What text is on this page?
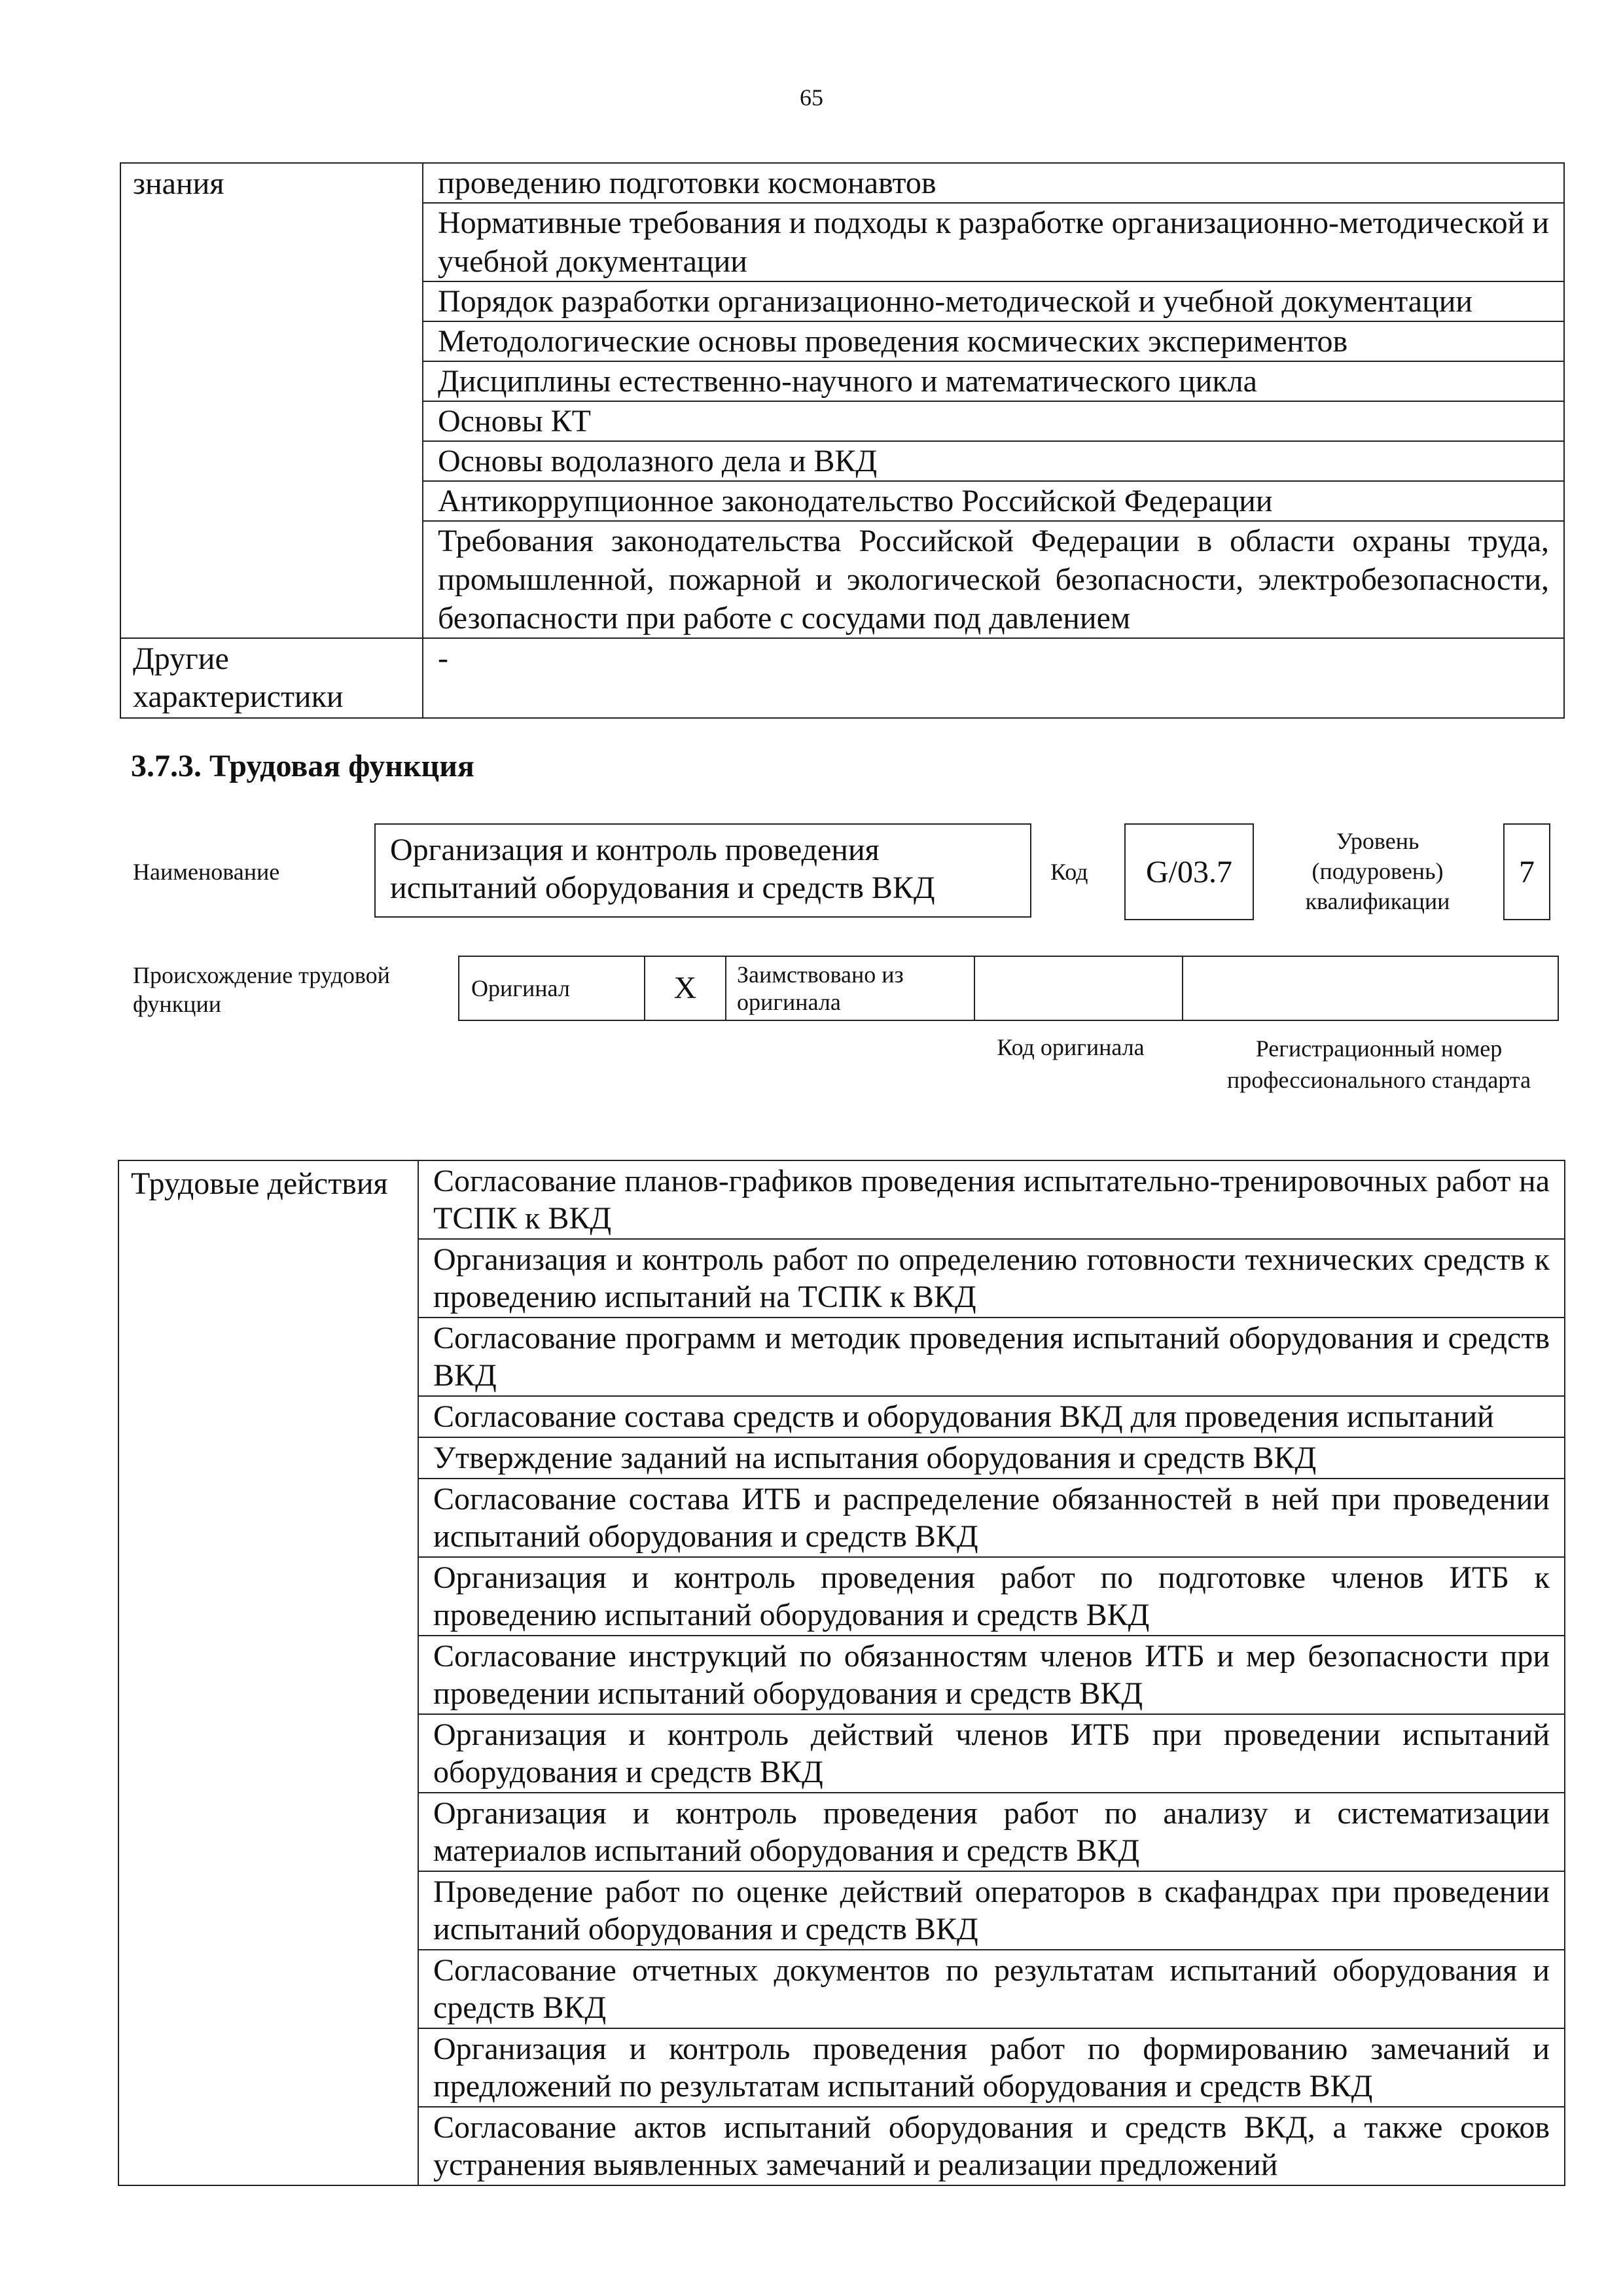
65
знания	проведению подготовки космонавтов
	Нормативные требования и подходы к разработке организационно-методической и учебной документации
	Порядок разработки организационно-методической и учебной документации
	Методологические основы проведения космических экспериментов
	Дисциплины естественно-научного и математического цикла
	Основы КТ
	Основы водолазного дела и ВКД
	Антикоррупционное законодательство Российской Федерации
	Требования законодательства Российской Федерации в области охраны труда, промышленной, пожарной и экологической безопасности, электробезопасности, безопасности при работе с сосудами под давлением
Другие характеристики	-
3.7.3. Трудовая функция
Наименование
Организация и контроль проведения испытаний оборудования и средств ВКД	Код G/03.7
Уровень (подуровень) квалификации
7
Происхождение трудовой функции
Оригинал	X	Заимствовано из оригинала		
Код оригинала	Регистрационный номер профессионального стандарта
Трудовые действия	Согласование планов-графиков проведения испытательно-тренировочных работ на ТСПК к ВКД
Организация и контроль работ по определению готовности технических средств к проведению испытаний на ТСПК к ВКД
Согласование программ и методик проведения испытаний оборудования и средств ВКД
Согласование состава средств и оборудования ВКД для проведения испытаний
Утверждение заданий на испытания оборудования и средств ВКД
Согласование состава ИТБ и распределение обязанностей в ней при проведении испытаний оборудования и средств ВКД
Организация и контроль проведения работ по подготовке членов ИТБ к проведению испытаний оборудования и средств ВКД
Согласование инструкций по обязанностям членов ИТБ и мер безопасности при проведении испытаний оборудования и средств ВКД
Организация и контроль действий членов ИТБ при проведении испытаний оборудования и средств ВКД
Организация и контроль проведения работ по анализу и систематизации материалов испытаний оборудования и средств ВКД
Проведение работ по оценке действий операторов в скафандрах при проведении испытаний оборудования и средств ВКД
Согласование отчетных документов по результатам испытаний оборудования и средств ВКД
Организация и контроль проведения работ по формированию замечаний и предложений по результатам испытаний оборудования и средств ВКД
Согласование актов испытаний оборудования и средств ВКД, а также сроков устранения выявленных замечаний и реализации предложений
